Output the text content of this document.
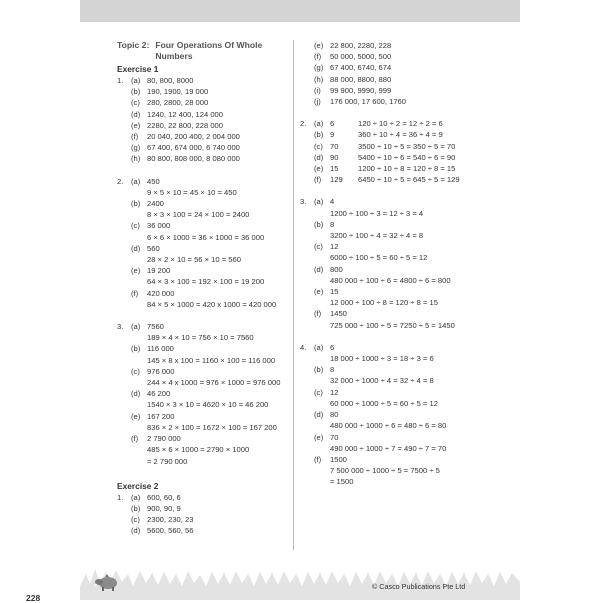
Topic 2: Four Operations Of Whole Numbers
Exercise 1
1.	(a) 80, 800, 8000
(b) 190, 1900, 19 000
(c) 280, 2800, 28 000
(d) 1240, 12 400, 124 000
(e) 2280, 22 800, 228 000
(f)	20 040, 200 400, 2 004 000
(g) 67 400, 674 000, 6 740 000
(h) 80 800, 808 000, 8 080 000
2.	(a) 450
9 × 5 × 10 = 45 × 10 = 450
(b) 2400
8 × 3 × 100 = 24 × 100 = 2400
(c) 36 000
6 × 6 × 1000 = 36 × 1000 = 36 000
(d) 560
28 × 2 × 10 = 56 × 10 = 560
(e) 19 200
64 × 3 × 100 = 192 × 100 = 19 200
(f)	420 000
84 × 5 × 1000 = 420 x 1000 = 420 000
3.	(a) 7560
189 × 4 × 10 = 756 × 10 = 7560
(b) 116 000
145 × 8 x 100 = 1160 × 100 = 116 000
(c) 976 000
244 × 4 x 1000 = 976 × 1000 = 976 000
(d) 46 200
1540 × 3 × 10 = 4620 × 10 = 46 200
(e) 167 200
836 × 2 × 100 = 1672 × 100 = 167 200
(f)	2 790 000
485 × 6 × 1000 = 2790 × 1000
= 2 790 000
Exercise 2
1.	(a) 600, 60, 6
(b) 900, 90, 9
(c) 2300, 230, 23
(d) 5600, 560, 56
(e) 22 800, 2280, 228
(f)	50 000, 5000, 500
(g) 67 400, 6740, 674
(h) 88 000, 8800, 880
(i)	99 900, 9990, 999
(j)	176 000, 17 600, 1760
2.	(a) 6	120 ÷ 10 ÷ 2 = 12 ÷ 2 = 6
(b) 9	360 ÷ 10 ÷ 4 = 36 ÷ 4 = 9
(c) 70	3500 ÷ 10 ÷ 5 = 350 ÷ 5 = 70
(d) 90	5400 ÷ 10 ÷ 6 = 540 ÷ 6 = 90
(e) 15	1200 ÷ 10 ÷ 8 = 120 ÷ 8 = 15
(f)	129	6450 ÷ 10 ÷ 5 = 645 ÷ 5 = 129
3.	(a) 4
1200 ÷ 100 ÷ 3 = 12 ÷ 3 = 4
(b) 8
3200 ÷ 100 ÷ 4 = 32 ÷ 4 = 8
(c) 12
6000 ÷ 100 ÷ 5 = 60 ÷ 5 = 12
(d) 800
480 000 ÷ 100 ÷ 6 = 4800 ÷ 6 = 800
(e) 15
12 000 ÷ 100 ÷ 8 = 120 ÷ 8 = 15
(f)	1450
725 000 ÷ 100 ÷ 5 = 7250 ÷ 5 = 1450
4.	(a) 6
18 000 ÷ 1000 ÷ 3 = 18 ÷ 3 = 6
(b) 8
32 000 ÷ 1000 ÷ 4 = 32 ÷ 4 = 8
(c) 12
60 000 ÷ 1000 ÷ 5 = 60 ÷ 5 = 12
(d) 80
480 000 ÷ 1000 ÷ 6 = 480 ÷ 6 = 80
(e) 70
490 000 ÷ 1000 ÷ 7 = 490 ÷ 7 = 70
(f)	1500
7 500 000 ÷ 1000 ÷ 5 = 7500 ÷ 5
= 1500
228
© Casco Publications Pte Ltd
